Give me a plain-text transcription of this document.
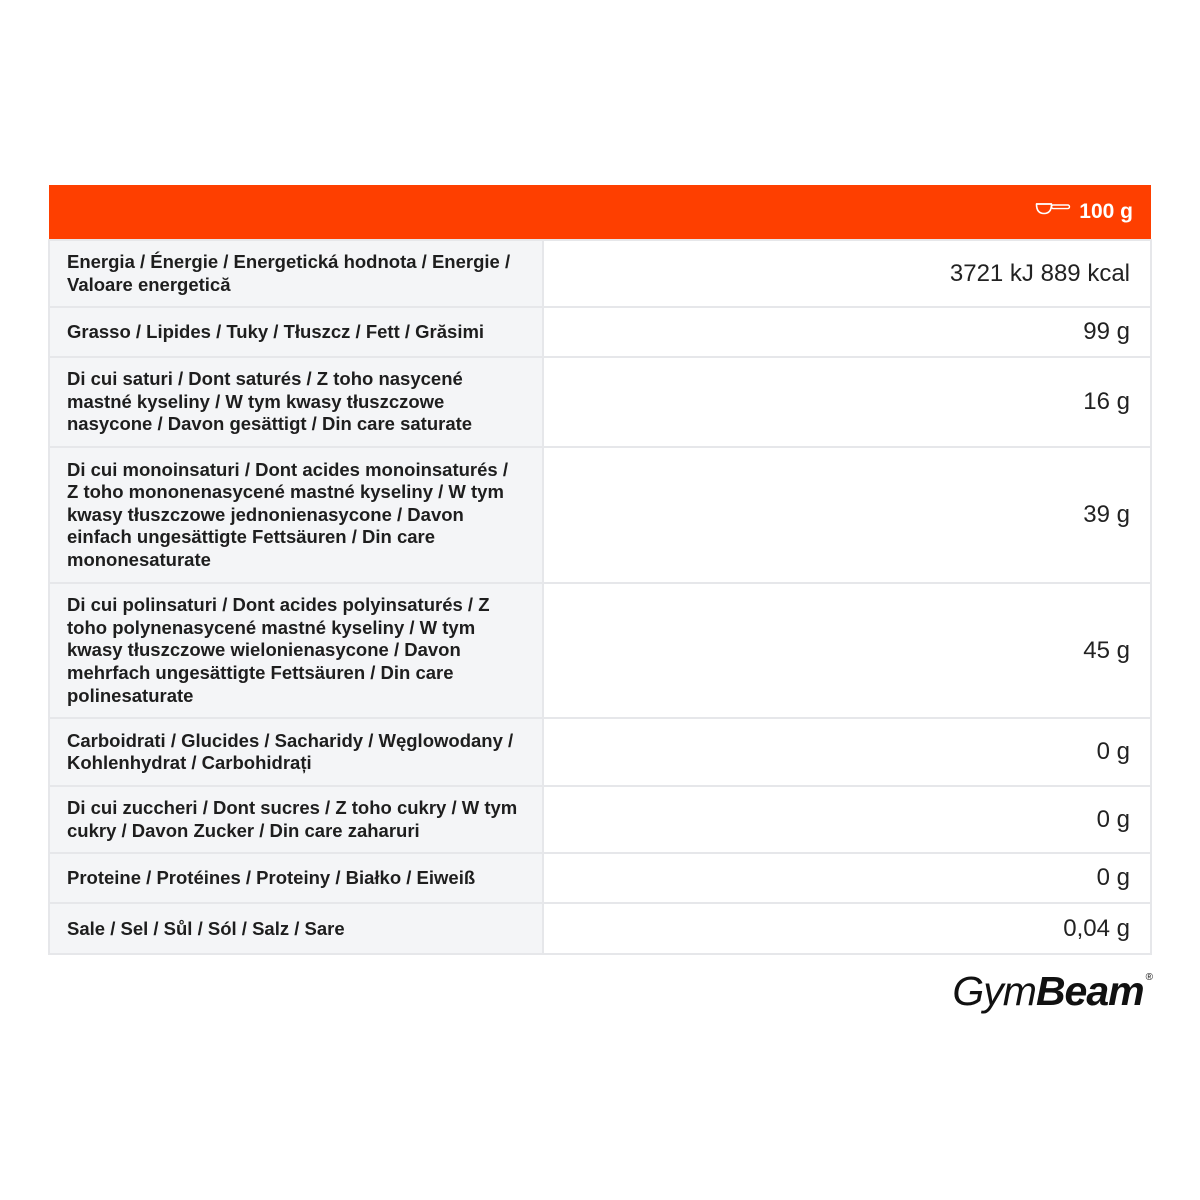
	100 g
Energia / Énergie / Energetická hodnota / Energie / Valoare energetică	3721 kJ 889 kcal
Grasso / Lipides / Tuky / Tłuszcz / Fett / Grăsimi	99 g
Di cui saturi / Dont saturés / Z toho nasycené mastné kyseliny / W tym kwasy tłuszczowe nasycone / Davon gesättigt / Din care saturate	16 g
Di cui monoinsaturi / Dont acides monoinsaturés / Z toho mononenasycené mastné kyseliny / W tym kwasy tłuszczowe jednonienasycone / Davon einfach ungesättigte Fettsäuren / Din care mononesaturate	39 g
Di cui polinsaturi / Dont acides polyinsaturés / Z toho polynenasycené mastné kyseliny / W tym kwasy tłuszczowe wielonienasycone / Davon mehrfach ungesättigte Fettsäuren / Din care polinesaturate	45 g
Carboidrati / Glucides / Sacharidy / Węglowodany / Kohlenhydrat / Carbohidrați	0 g
Di cui zuccheri / Dont sucres / Z toho cukry / W tym cukry / Davon Zucker / Din care zaharuri	0 g
Proteine / Protéines / Proteiny / Białko / Eiweiß	0 g
Sale / Sel / Sůl / Sól / Salz / Sare	0,04 g
GymBeam ®
